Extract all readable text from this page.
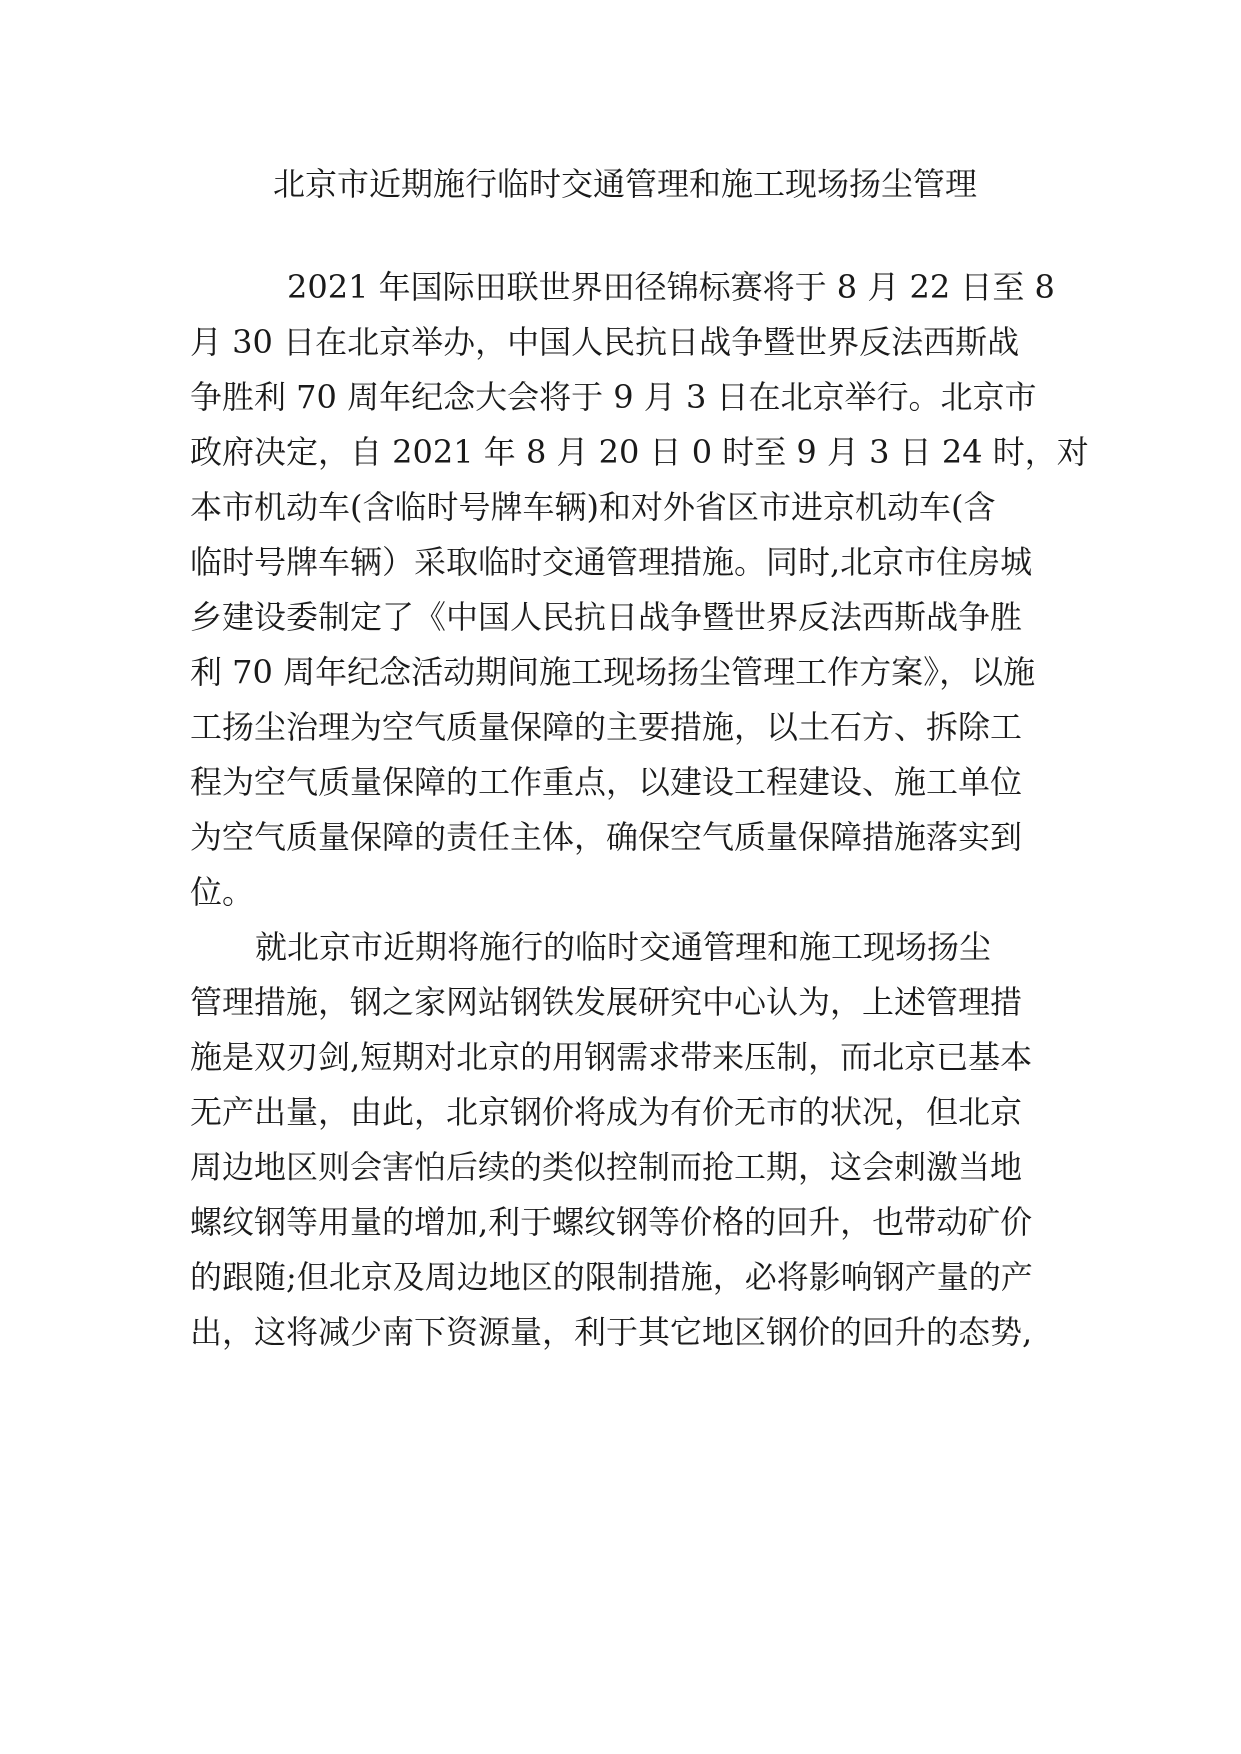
北京市近期施行临时交通管理和施工现场扬尘管理
2021 年国际田联世界田径锦标赛将于 8 月 22 日至 8
月 30 日在北京举办，中国人民抗日战争暨世界反法西斯战
争胜利 70 周年纪念大会将于 9 月 3 日在北京举行。北京市
政府决定，自 2021 年 8 月 20 日 0 时至 9 月 3 日 24 时，对
本市机动车(含临时号牌车辆)和对外省区市进京机动车(含
临时号牌车辆）采取临时交通管理措施。同时,北京市住房城
乡建设委制定了《中国人民抗日战争暨世界反法西斯战争胜
利 70 周年纪念活动期间施工现场扬尘管理工作方案》，以施
工扬尘治理为空气质量保障的主要措施，以土石方、拆除工
程为空气质量保障的工作重点，以建设工程建设、施工单位
为空气质量保障的责任主体，确保空气质量保障措施落实到
位。
就北京市近期将施行的临时交通管理和施工现场扬尘
管理措施，钢之家网站钢铁发展研究中心认为，上述管理措
施是双刃剑,短期对北京的用钢需求带来压制，而北京已基本
无产出量，由此，北京钢价将成为有价无市的状况，但北京
周边地区则会害怕后续的类似控制而抢工期，这会刺激当地
螺纹钢等用量的增加,利于螺纹钢等价格的回升，也带动矿价
的跟随;但北京及周边地区的限制措施，必将影响钢产量的产
出，这将减少南下资源量，利于其它地区钢价的回升的态势,
